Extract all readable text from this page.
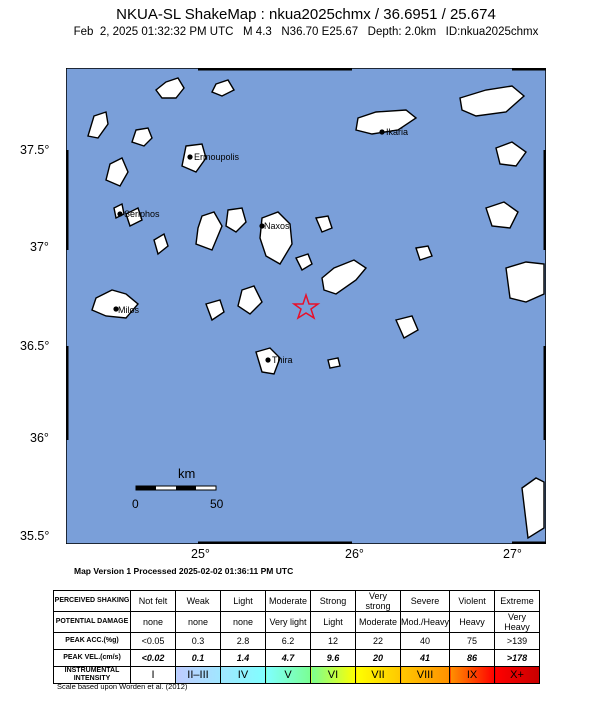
NKUA-SL ShakeMap : nkua2025chmx / 36.6951 / 25.674
Feb  2, 2025 01:32:32 PM UTC   M 4.3   N36.70 E25.67   Depth: 2.0km   ID:nkua2025chmx
Ikaria
Ermoupolis
Seriphos
Naxos
Milos
Thira
km
0	50
37.5°
37°
36.5°
36°
35.5°
25°	26°	27°
Map Version 1 Processed 2025-02-02 01:36:11 PM UTC
PERCEIVED SHAKING	Not felt	Weak	Light	Moderate	Strong	Very strong	Severe	Violent	Extreme
POTENTIAL DAMAGE	none	none	none	Very light	Light	Moderate	Mod./Heavy	Heavy	Very Heavy
PEAK ACC.(%g)	<0.05	0.3	2.8	6.2	12	22	40	75	>139
PEAK VEL.(cm/s)	<0.02	0.1	1.4	4.7	9.6	20	41	86	>178
INSTRUMENTAL INTENSITY	I	II–III	IV	V	VI	VII	VIII	IX	X+
Scale based upon Worden et al. (2012)
